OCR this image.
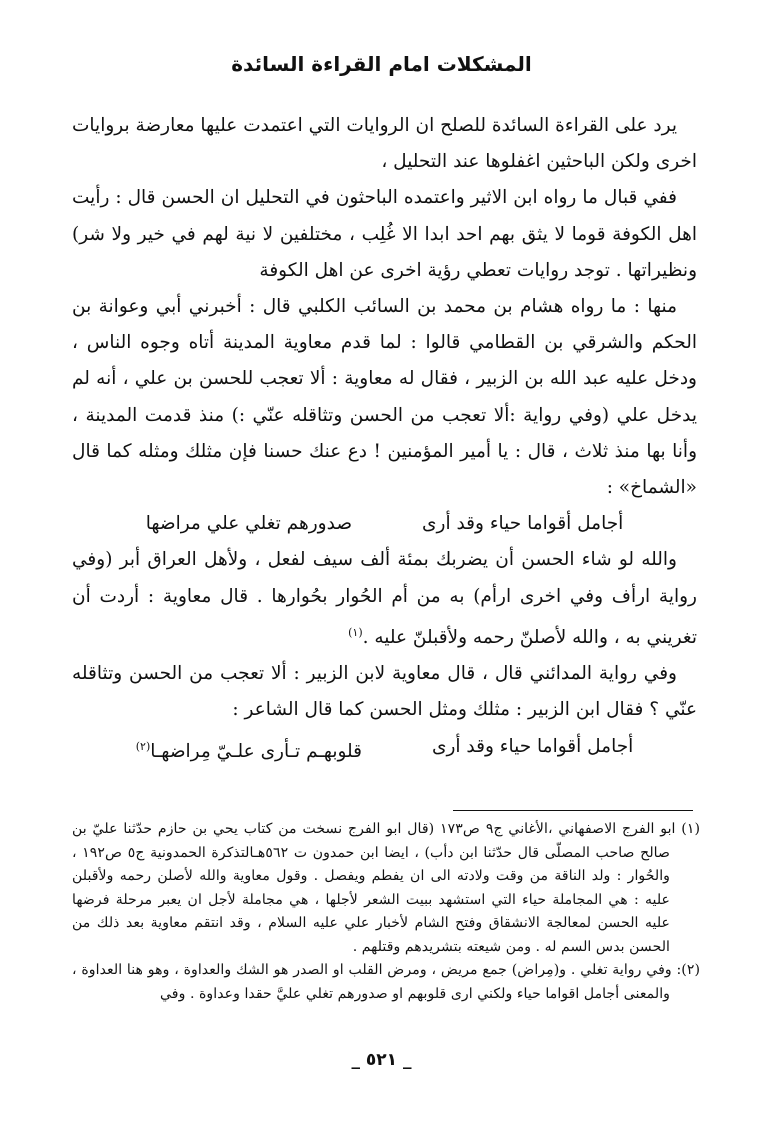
المشكلات امام القراءة السائدة

يرد على القراءة السائدة للصلح ان الروايات التي اعتمدت عليها معارضة بروايات اخرى ولكن الباحثين اغفلوها عند التحليل ،

ففي قبال ما رواه ابن الاثير واعتمده الباحثون في التحليل ان الحسن قال : رأيت اهل الكوفة قوما لا يثق بهم احد ابدا الا غُلِب ، مختلفين لا نية لهم في خير ولا شر) ونظيراتها . توجد روايات تعطي رؤية اخرى عن اهل الكوفة

منها : ما رواه هشام بن محمد بن السائب الكلبي قال : أخبرني أبي وعوانة بن الحكم والشرقي بن القطامي قالوا : لما قدم معاوية المدينة أتاه وجوه الناس ، ودخل عليه عبد الله بن الزبير ، فقال له معاوية : ألا تعجب للحسن بن علي ، أنه لم يدخل علي (وفي رواية :ألا تعجب من الحسن وتثاقله عنّي :) منذ قدمت المدينة ، وأنا بها منذ ثلاث ، قال : يا أمير المؤمنين ! دع عنك حسنا فإن مثلك ومثله كما قال «الشماخ» :

أجامل أقواما حياء وقد أرى
صدورهم تغلي علي مراضها

والله لو شاء الحسن أن يضربك بمئة ألف سيف لفعل ، ولأهل العراق أبر (وفي رواية ارأف وفي اخرى ارأم) به من أم الحُوار بحُوارها . قال معاوية : أردت أن تغريني به ، والله لأصلنّ رحمه ولأقبلنّ عليه .$^{(١)}$

وفي رواية المدائني قال ، قال معاوية لابن الزبير : ألا تعجب من الحسن وتثاقله عنّي ؟ فقال ابن الزبير : مثلك ومثل الحسن كما قال الشاعر :

أجامل أقواما حياء وقد أرى
قلوبهـم تـأرى علـيّ مِراضهـا$^{(٢)}$

(١) ابو الفرج الاصفهاني ،الأغاني ج٩ ص١٧٣ (قال ابو الفرج نسخت من كتاب يحي بن حازم حدّثنا عليّ بن صالح صاحب المصلّى قال حدّثنا ابن دأب) ، ايضا ابن حمدون ت ٥٦٢هـالتذكرة الحمدونية ج٥ ص١٩٢ ، والحُوار : ولد الناقة من وقت ولادته الى ان يفطم ويفصل . وقول معاوية والله لأصلن رحمه ولأقبلن عليه : هي المجاملة حياء التي استشهد ببيت الشعر لأجلها ، هي مجاملة لأجل ان يعبر مرحلة فرضها عليه الحسن لمعالجة الانشقاق وفتح الشام لأخبار علي عليه السلام ، وقد انتقم معاوية بعد ذلك من الحسن بدس السم له . ومن شيعته بتشريدهم وقتلهم .

(٢): وفي رواية تغلي . و(مِراض) جمع مريض ، ومرض القلب او الصدر هو الشك والعداوة ، وهو هنا العداوة ، والمعنى أجامل اقواما حياء ولكني ارى قلوبهم او صدورهم تغلي عليَّ حقدا وعداوة . وفي

_ ٥٢١ _
